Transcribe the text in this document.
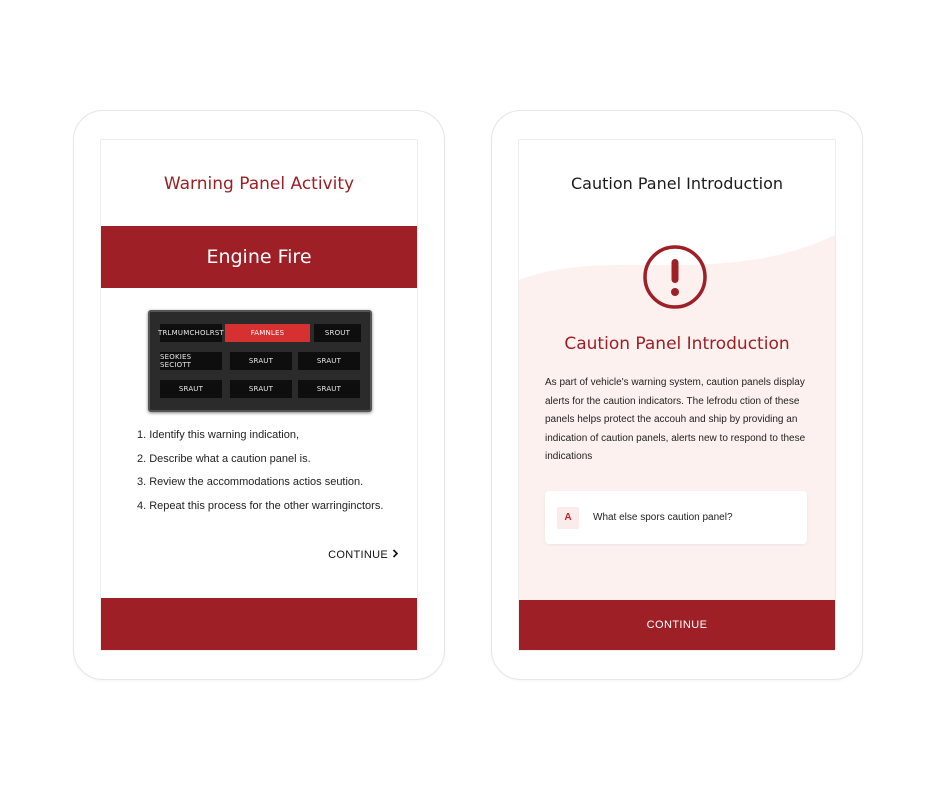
Warning Panel Activity
Engine Fire
TRLMUMCHOLRST	FAMNLES	SROUT
SEOKIES SECIOTT	SRAUT	SRAUT
SRAUT	SRAUT	SRAUT
1. Identify this warning indication,
2. Describe what a caution panel is.
3. Review the accommodations actios seution.
4. Repeat this process for the other warringinctors.
CONTINUE
Caution Panel Introduction
Caution Panel Introduction

As part of vehicle's warning system, caution panels display alerts for the caution indicators. The lefrodu ction of these panels helps protect the accouh and ship by providing an indication of caution panels, alerts new to respond to these indications

A	What else spors caution panel?
CONTINUE
